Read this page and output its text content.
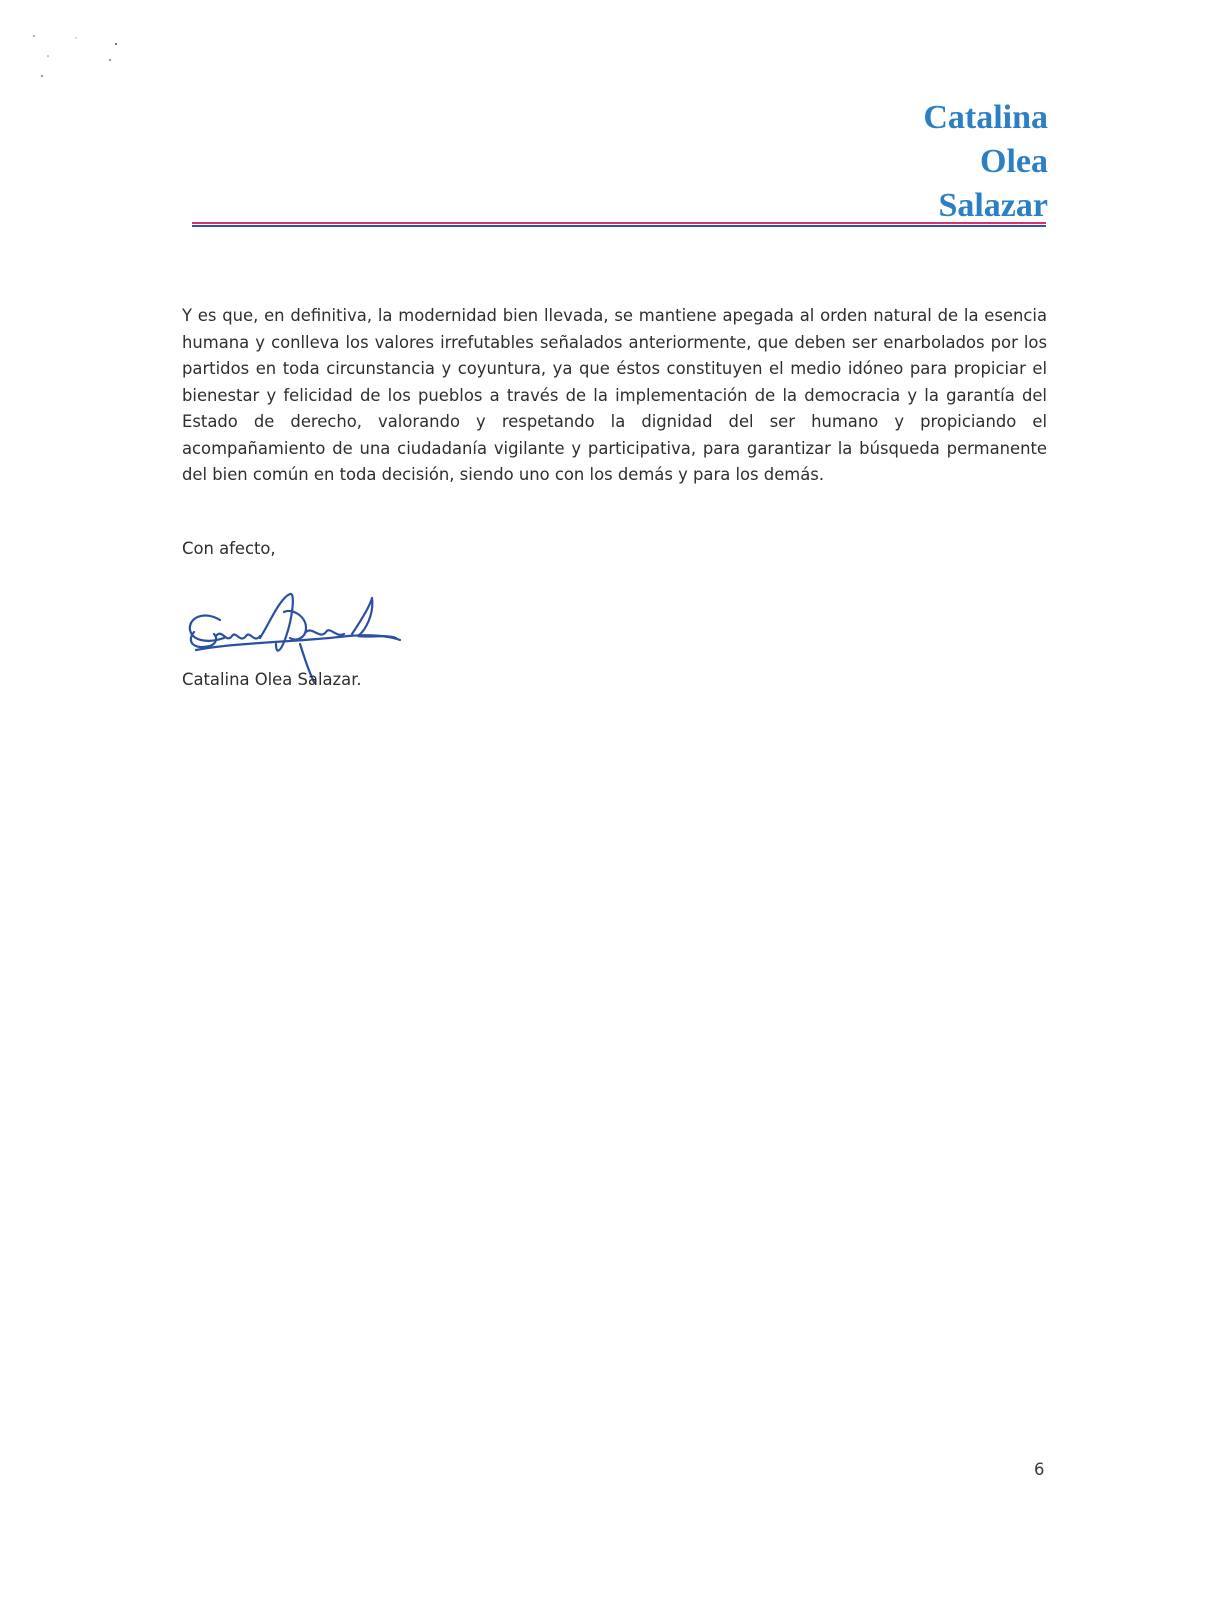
Catalina
Olea
Salazar

Y es que, en definitiva, la modernidad bien llevada, se mantiene apegada al orden natural de la esencia humana y conlleva los valores irrefutables señalados anteriormente, que deben ser enarbolados por los partidos en toda circunstancia y coyuntura, ya que éstos constituyen el medio idóneo para propiciar el bienestar y felicidad de los pueblos a través de la implementación de la democracia y la garantía del Estado de derecho, valorando y respetando la dignidad del ser humano y propiciando el acompañamiento de una ciudadanía vigilante y participativa, para garantizar la búsqueda permanente del bien común en toda decisión, siendo uno con los demás y para los demás.

Con afecto,

Catalina Olea Salazar.

6
